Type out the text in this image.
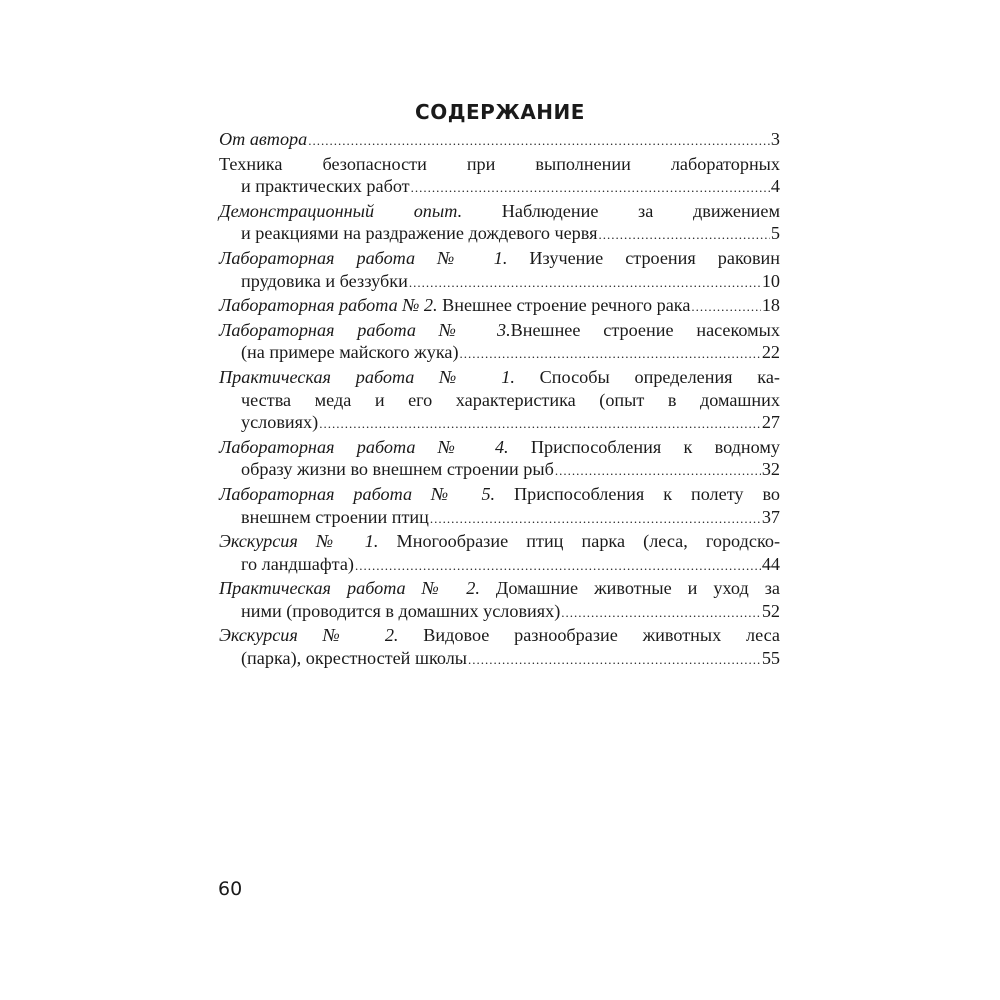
СОДЕРЖАНИЕ
От автора .....	3
Техника безопасности при выполнении лабораторных
и практических работ .....	4
Демонстрационный опыт. Наблюдение за движением
и реакциями на раздражение дождевого червя .....	5
Лабораторная работа № 1. Изучение строения раковин
прудовика и беззубки .....	10
Лабораторная работа № 2. Внешнее строение речного рака .....	18
Лабораторная работа № 3.Внешнее строение насекомых
(на примере майского жука) .....	22
Практическая работа № 1. Способы определения ка-
чества меда и его характеристика (опыт в домашних
условиях) .....	27
Лабораторная работа № 4. Приспособления к водному
образу жизни во внешнем строении рыб .....	32
Лабораторная работа № 5. Приспособления к полету во
внешнем строении птиц .....	37
Экскурсия № 1. Многообразие птиц парка (леса, городско-
го ландшафта) .....	44
Практическая работа № 2. Домашние животные и уход за
ними (проводится в домашних условиях) .....	52
Экскурсия № 2. Видовое разнообразие животных леса
(парка), окрестностей школы .....	55
60
